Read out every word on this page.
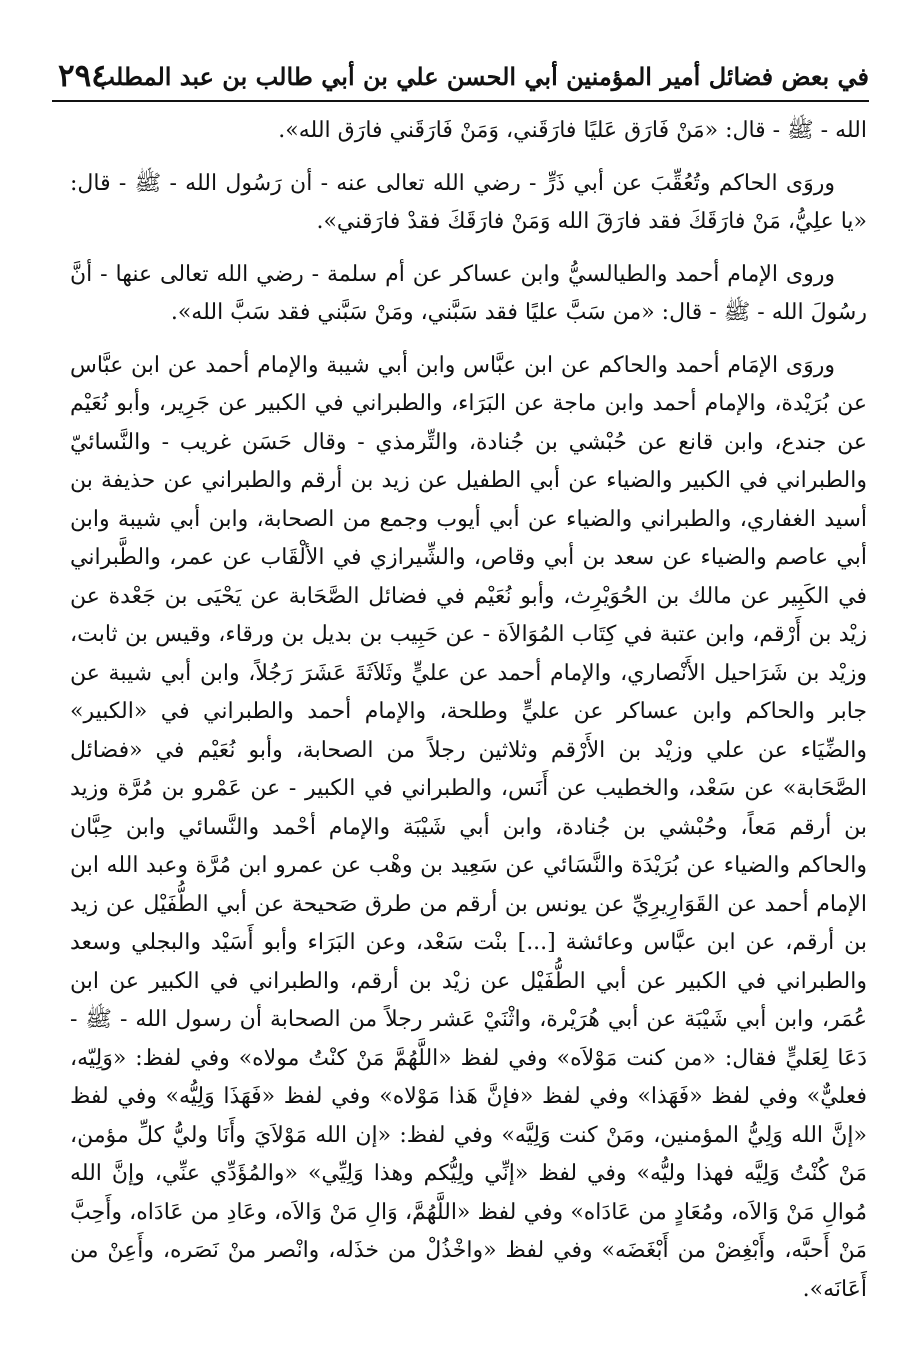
٢٩٤
في بعض فضائل أمير المؤمنين أبي الحسن علي بن أبي طالب بن عبد المطلب

الله - ﷺ - قال: «مَنْ فَارَق عَليًا فارَقَني، وَمَنْ فَارَقَني فارَق الله».

وروَى الحاكم وتُعُقِّبَ عن أبي ذَرٍّ - رضي الله تعالى عنه - أن رَسُول الله - ﷺ - قال: «يا علِيُّ، مَنْ فارَقَكَ فقد فارَقَ الله وَمَنْ فارَقَكَ فقدْ فارَقني».

وروى الإمام أحمد والطيالسيُّ وابن عساكر عن أم سلمة - رضي الله تعالى عنها - أنَّ رسُولَ الله - ﷺ - قال: «من سَبَّ عليًا فقد سَبَّني، ومَنْ سَبَّني فقد سَبَّ الله».

وروَى الإمَام أحمد والحاكم عن ابن عبَّاس وابن أبي شيبة والإمام أحمد عن ابن عبَّاس عن بُرَيْدة، والإمام أحمد وابن ماجة عن البَرَاء، والطبراني في الكبير عن جَرِير، وأبو نُعَيْم عن جندع، وابن قانع عن حُبْشي بن جُنادة، والتِّرمذي - وقال حَسَن غريب - والنَّسائيّ والطبراني في الكبير والضياء عن أبي الطفيل عن زيد بن أرقم والطبراني عن حذيفة بن أسيد الغفاري، والطبراني والضياء عن أبي أيوب وجمع من الصحابة، وابن أبي شيبة وابن أبي عاصم والضياء عن سعد بن أبي وقاص، والشِّيرازي في الألْقَاب عن عمر، والطَّبراني في الكَبِير عن مالك بن الحُوَيْرِث، وأبو نُعَيْم في فضائل الصَّحَابة عن يَحْيَى بن جَعْدة عن زيْد بن أَرْقم، وابن عتبة في كِتَاب المُوَالاَة - عن حَبِيب بن بديل بن ورقاء، وقيس بن ثابت، وزيْد بن شَرَاحيل الأَنْصاري، والإمام أحمد عن عليٍّ وثَلاَثَةَ عَشَرَ رَجُلاً، وابن أبي شيبة عن جابر والحاكم وابن عساكر عن عليٍّ وطلحة، والإمام أحمد والطبراني في «الكبير» والضِّيَاء عن علي وزيْد بن الأَرْقم وثلاثين رجلاً من الصحابة، وأبو نُعَيْم في «فضائل الصَّحَابة» عن سَعْد، والخطيب عن أَنَس، والطبراني في الكبير - عن عَمْرو بن مُرَّة وزيد بن أرقم مَعاً، وحُبْشي بن جُنادة، وابن أبي شَيْبَة والإمام أحْمد والنَّسائي وابن حِبَّان والحاكم والضياء عن بُرَيْدَة والنَّسَائي عن سَعِيد بن وهْب عن عمرو ابن مُرَّة وعبد الله ابن الإمام أحمد عن القَوَارِيرِيِّ عن يونس بن أرقم من طرق صَحيحة عن أبي الطُّفَيْل عن زيد بن أرقم، عن ابن عبَّاس وعائشة [...] بنْت سَعْد، وعن البَرَاء وأبو أَسَيْد والبجلي وسعد والطبراني في الكبير عن أبي الطُّفَيْل عن زيْد بن أرقم، والطبراني في الكبير عن ابن عُمَر، وابن أبي شَيْبَة عن أبي هُرَيْرة، واثْنَيْ عَشر رجلاً من الصحابة أن رسول الله - ﷺ - دَعَا لِعَليٍّ فقال: «من كنت مَوْلاَه» وفي لفظ «اللَّهُمَّ مَنْ كنْتُ مولاه» وفي لفظ: «وَلِيّه، فعليٌّ» وفي لفظ «فَهَذا» وفي لفظ «فإنَّ هَذا مَوْلاه» وفي لفظ «فَهَذَا وَلِيُّه» وفي لفظ «إنَّ الله وَلِيُّ المؤمنين، ومَنْ كنت وَلِيَّه» وفي لفظ: «إن الله مَوْلاَيَ وأَنَا وليُّ كلِّ مؤمن، مَنْ كُنْتُ وَلِيَّه فهذا وليُّه» وفي لفظ «إنِّي ولِيُّكم وهذا وَلِيِّي» «والمُؤَدِّي عنِّي، وإنَّ الله مُوالِ مَنْ وَالاَه، ومُعَادٍ من عَادَاه» وفي لفظ «اللَّهُمَّ، وَالِ مَنْ وَالاَه، وعَادِ من عَادَاه، وأَحِبَّ مَنْ أَحبَّه، وأَبْغِضْ من أَبْغَضَه» وفي لفظ «واخْذُلْ من خذَله، وانْصر منْ نَصَره، وأَعِنْ من أَعَانَه».
